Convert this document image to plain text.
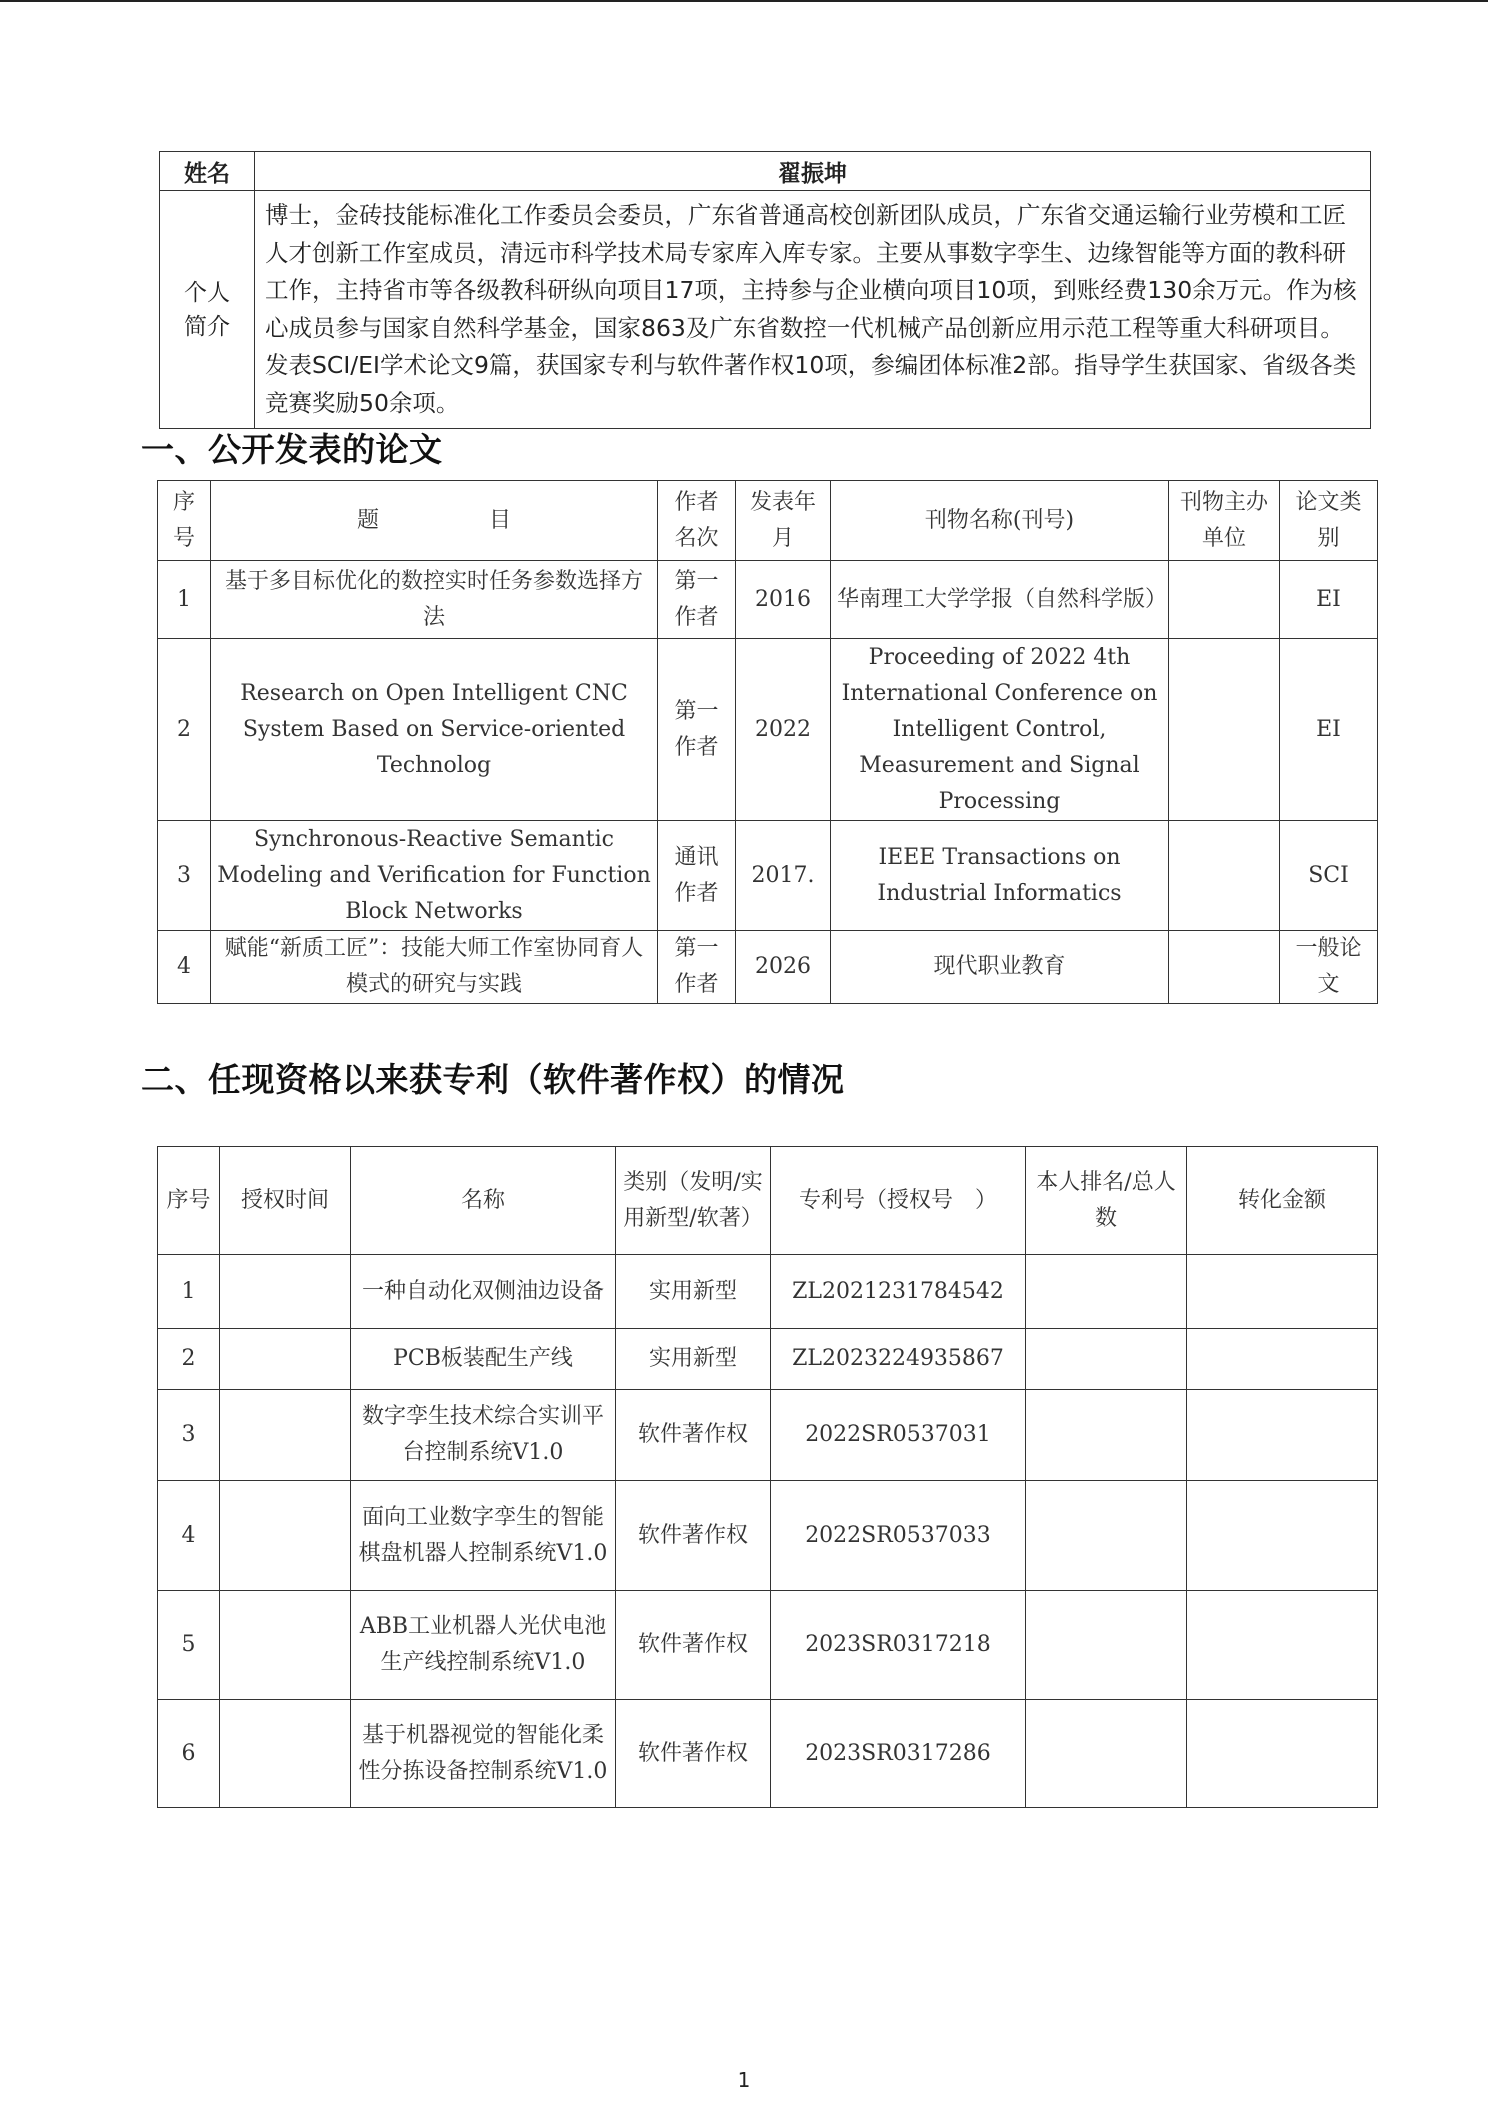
姓名	翟振坤
个人
简介	博士，金砖技能标准化工作委员会委员，广东省普通高校创新团队成员，广东省交通运输行业劳模和工匠人才创新工作室成员，清远市科学技术局专家库入库专家。主要从事数字孪生、边缘智能等方面的教科研工作，主持省市等各级教科研纵向项目17项，主持参与企业横向项目10项，到账经费130余万元。作为核心成员参与国家自然科学基金，国家863及广东省数控一代机械产品创新应用示范工程等重大科研项目。发表SCI/EI学术论文9篇，获国家专利与软件著作权10项，参编团体标准2部。指导学生获国家、省级各类竞赛奖励50余项。
一、公开发表的论文
序号	题　　　　　目	作者名次	发表年月	刊物名称(刊号)	刊物主办单位	论文类别
1	基于多目标优化的数控实时任务参数选择方法	第一作者	2016	华南理工大学学报（自然科学版）		EI
2	Research on Open Intelligent CNC System Based on Service-oriented Technolog	第一作者	2022	Proceeding of 2022 4th International Conference on Intelligent Control, Measurement and Signal Processing		EI
3	Synchronous-Reactive Semantic Modeling and Verification for Function Block Networks	通讯作者	2017.	IEEE Transactions on Industrial Informatics		SCI
4	赋能“新质工匠”：技能大师工作室协同育人模式的研究与实践	第一作者	2026	现代职业教育		一般论文
二、任现资格以来获专利（软件著作权）的情况
序号	授权时间	名称	类别（发明/实用新型/软著）	专利号（授权号　）	本人排名/总人数	转化金额
1		一种自动化双侧油边设备	实用新型	ZL2021231784542		
2		PCB板装配生产线	实用新型	ZL2023224935867		
3		数字孪生技术综合实训平台控制系统V1.0	软件著作权	2022SR0537031		
4		面向工业数字孪生的智能棋盘机器人控制系统V1.0	软件著作权	2022SR0537033		
5		ABB工业机器人光伏电池生产线控制系统V1.0	软件著作权	2023SR0317218		
6		基于机器视觉的智能化柔性分拣设备控制系统V1.0	软件著作权	2023SR0317286		
1
